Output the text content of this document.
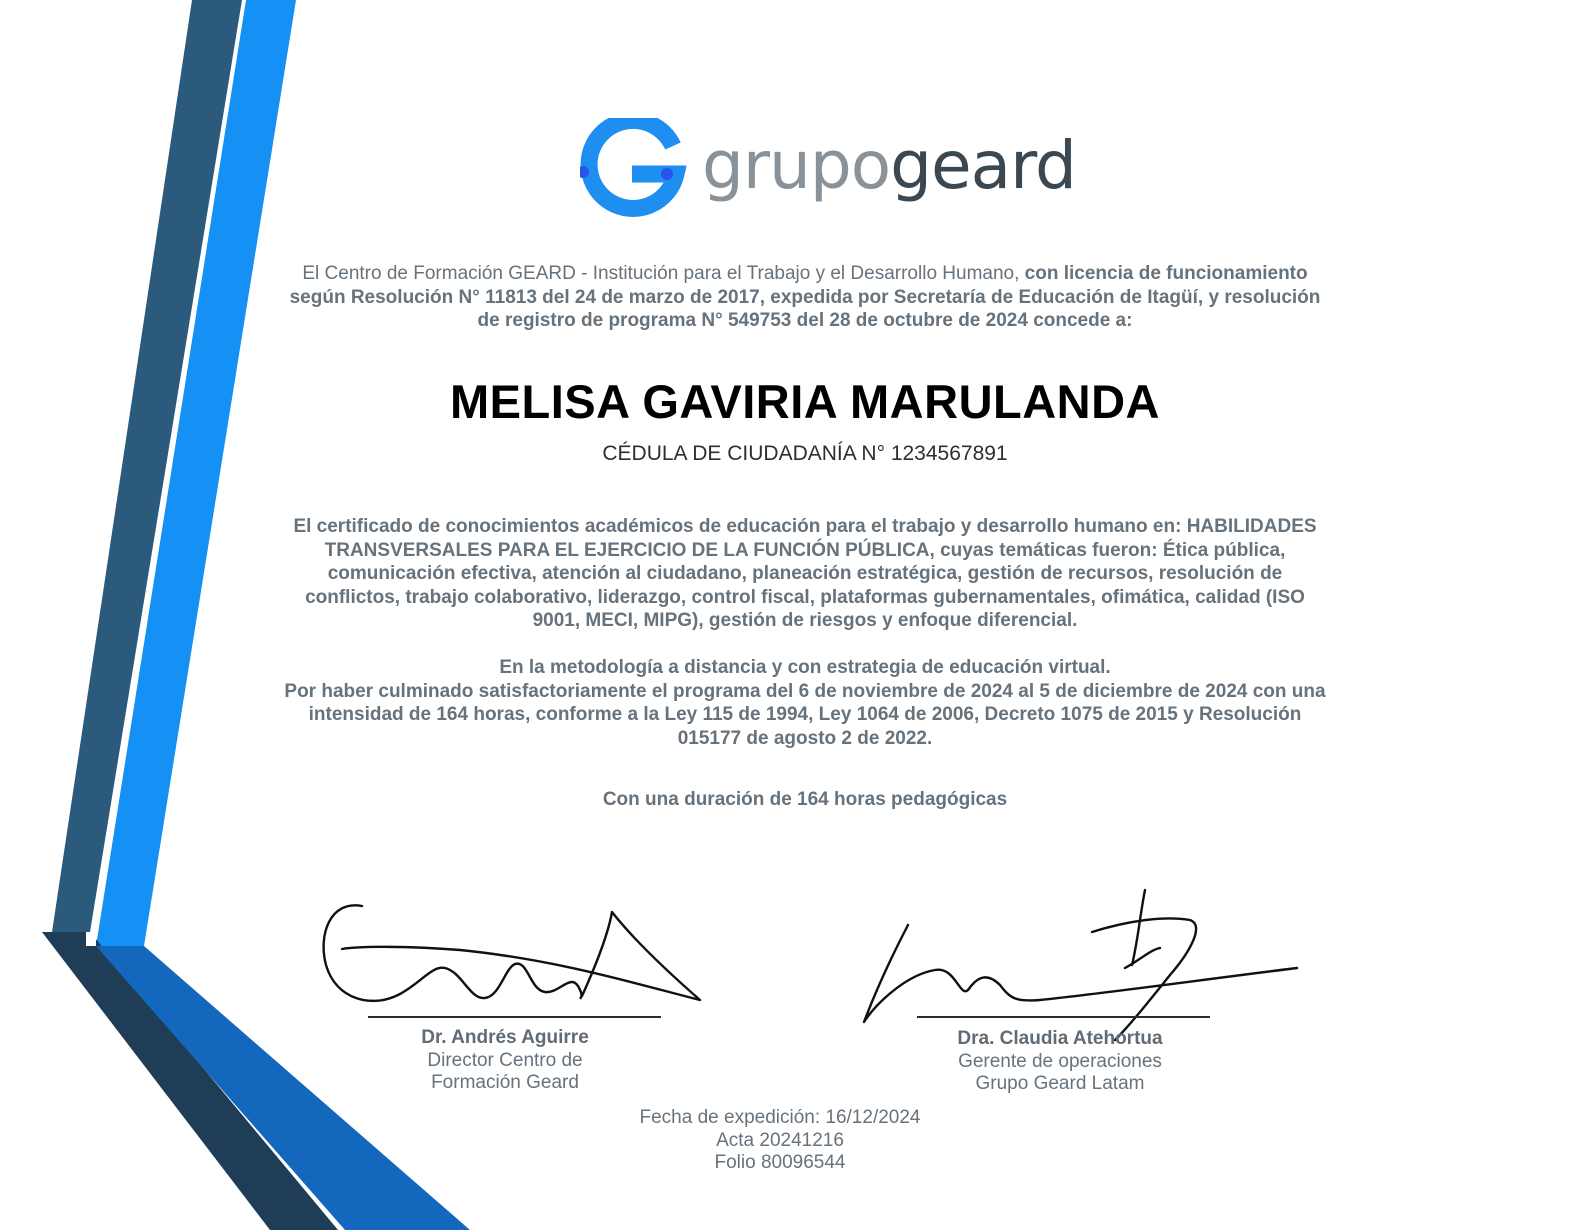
grupogeard
El Centro de Formación GEARD - Institución para el Trabajo y el Desarrollo Humano, con licencia de funcionamiento según Resolución N° 11813 del 24 de marzo de 2017, expedida por Secretaría de Educación de Itagüí, y resolución de registro de programa N° 549753 del 28 de octubre de 2024 concede a:
MELISA GAVIRIA MARULANDA
CÉDULA DE CIUDADANÍA N° 1234567891
El certificado de conocimientos académicos de educación para el trabajo y desarrollo humano en: HABILIDADES TRANSVERSALES PARA EL EJERCICIO DE LA FUNCIÓN PÚBLICA, cuyas temáticas fueron: Ética pública, comunicación efectiva, atención al ciudadano, planeación estratégica, gestión de recursos, resolución de conflictos, trabajo colaborativo, liderazgo, control fiscal, plataformas gubernamentales, ofimática, calidad (ISO 9001, MECI, MIPG), gestión de riesgos y enfoque diferencial.
En la metodología a distancia y con estrategia de educación virtual.
Por haber culminado satisfactoriamente el programa del 6 de noviembre de 2024 al 5 de diciembre de 2024 con una intensidad de 164 horas, conforme a la Ley 115 de 1994, Ley 1064 de 2006, Decreto 1075 de 2015 y Resolución 015177 de agosto 2 de 2022.
Con una duración de 164 horas pedagógicas
Dr. Andrés Aguirre
Director Centro de
Formación Geard
Dra. Claudia Atehortua
Gerente de operaciones
Grupo Geard Latam
Fecha de expedición: 16/12/2024
Acta 20241216
Folio 80096544
